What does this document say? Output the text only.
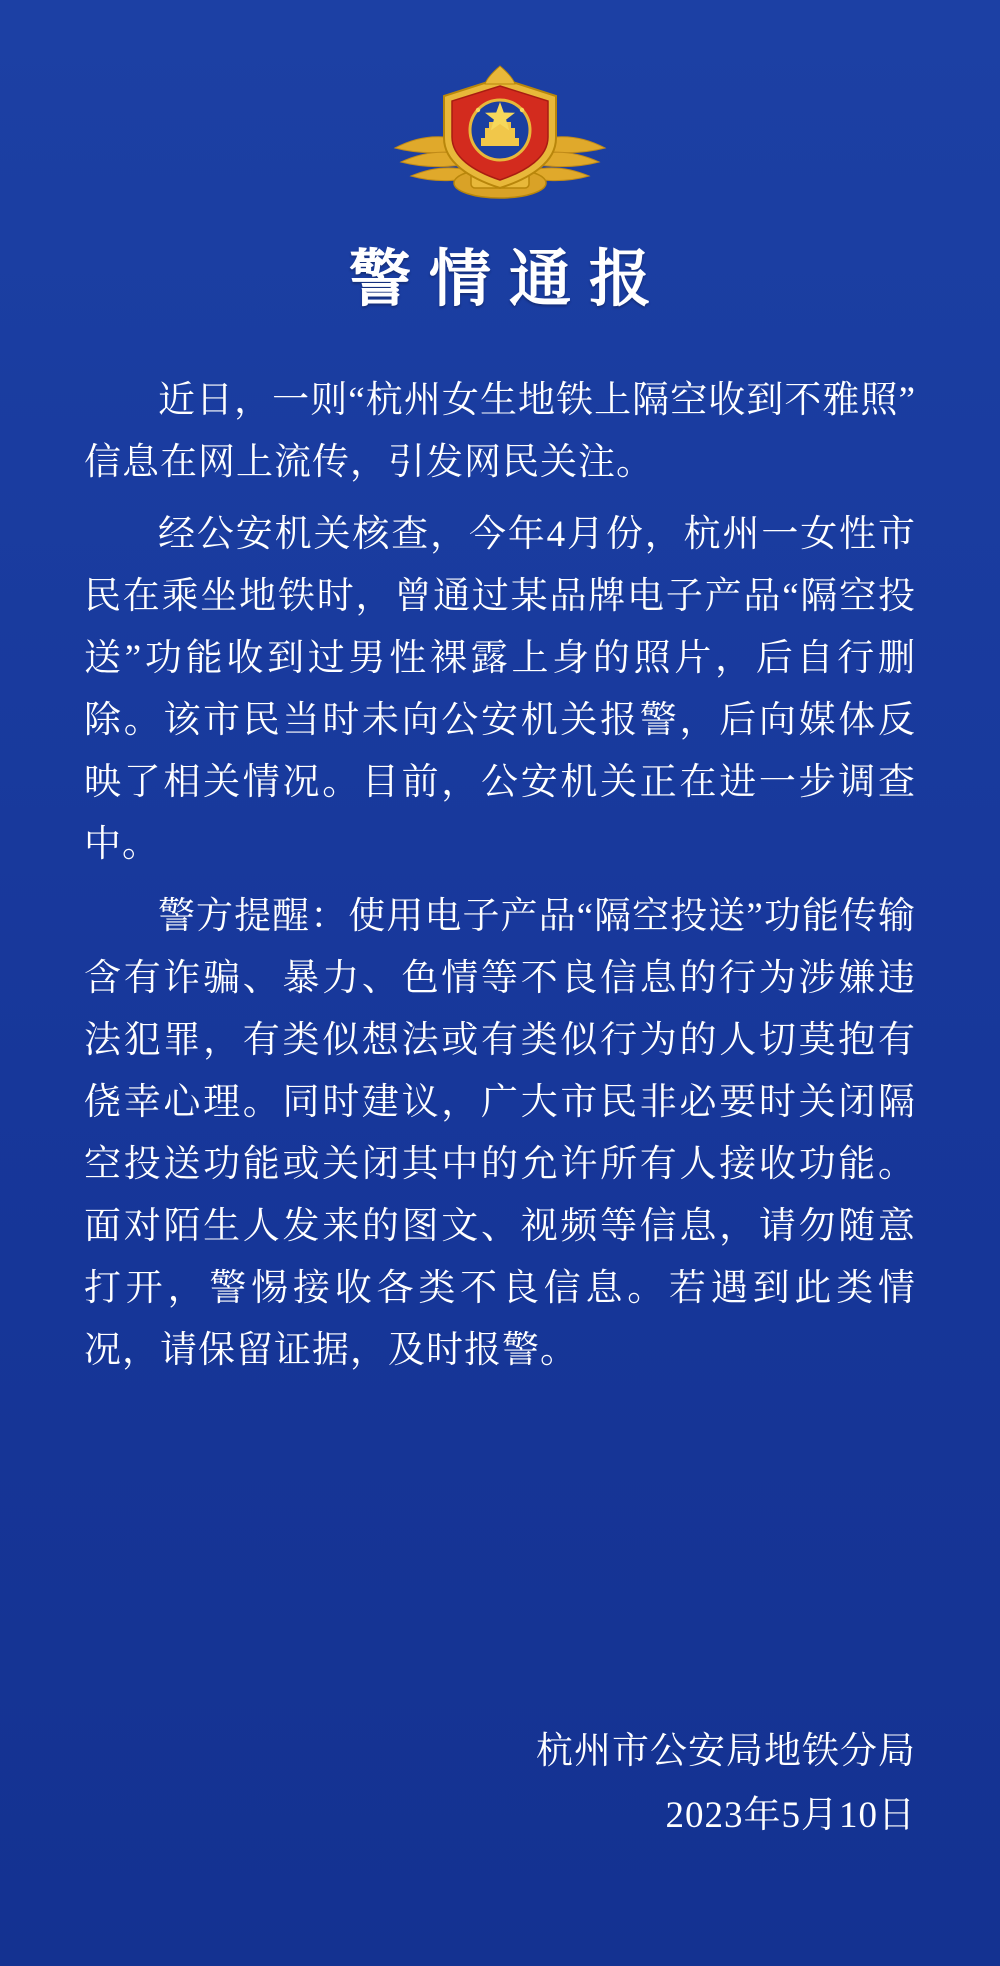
警情通报

近日，一则“杭州女生地铁上隔空收到不雅照”信息在网上流传，引发网民关注。

经公安机关核查，今年4月份，杭州一女性市民在乘坐地铁时，曾通过某品牌电子产品“隔空投送”功能收到过男性裸露上身的照片，后自行删除。该市民当时未向公安机关报警，后向媒体反映了相关情况。目前，公安机关正在进一步调查中。

警方提醒：使用电子产品“隔空投送”功能传输含有诈骗、暴力、色情等不良信息的行为涉嫌违法犯罪，有类似想法或有类似行为的人切莫抱有侥幸心理。同时建议，广大市民非必要时关闭隔空投送功能或关闭其中的允许所有人接收功能。面对陌生人发来的图文、视频等信息，请勿随意打开，警惕接收各类不良信息。若遇到此类情况，请保留证据，及时报警。

杭州市公安局地铁分局
2023年5月10日
